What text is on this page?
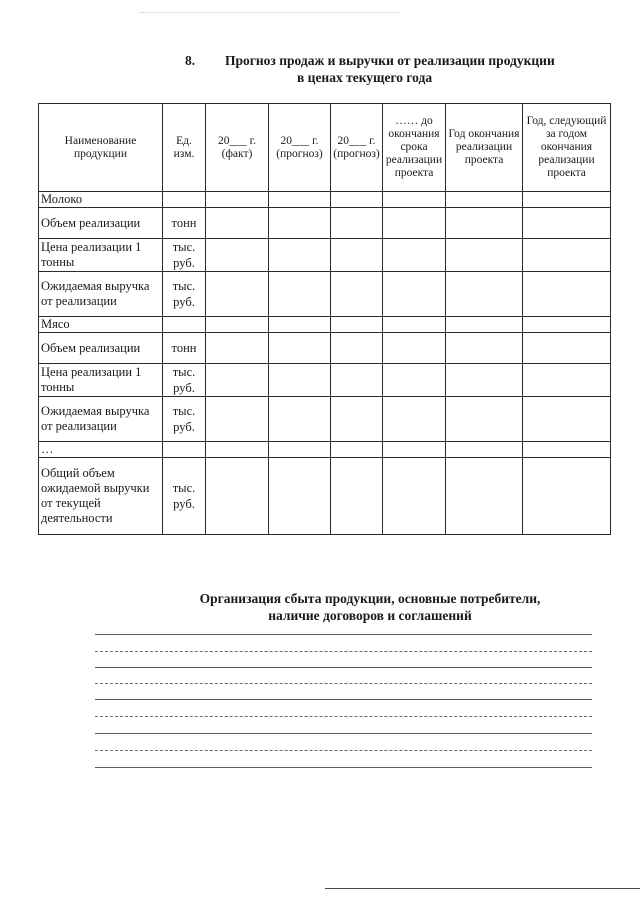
8. Прогноз продаж и выручки от реализации продукции
в ценах текущего года
Наименование продукции	Ед. изм.	20___ г. (факт)	20___ г. (прогноз)	20___ г. (прогноз)	…… до окончания срока реализации проекта	Год окончания реализации проекта	Год, следующий за годом окончания реализации проекта
Молоко							
Объем реализации	тонн						
Цена реализации 1 тонны	тыс. руб.						
Ожидаемая выручка от реализации	тыс. руб.						
Мясо							
Объем реализации	тонн						
Цена реализации 1 тонны	тыс. руб.						
Ожидаемая выручка от реализации	тыс. руб.						
…							
Общий объем ожидаемой выручки от текущей деятельности	тыс. руб.						
Организация сбыта продукции, основные потребители,
наличие договоров и соглашений
